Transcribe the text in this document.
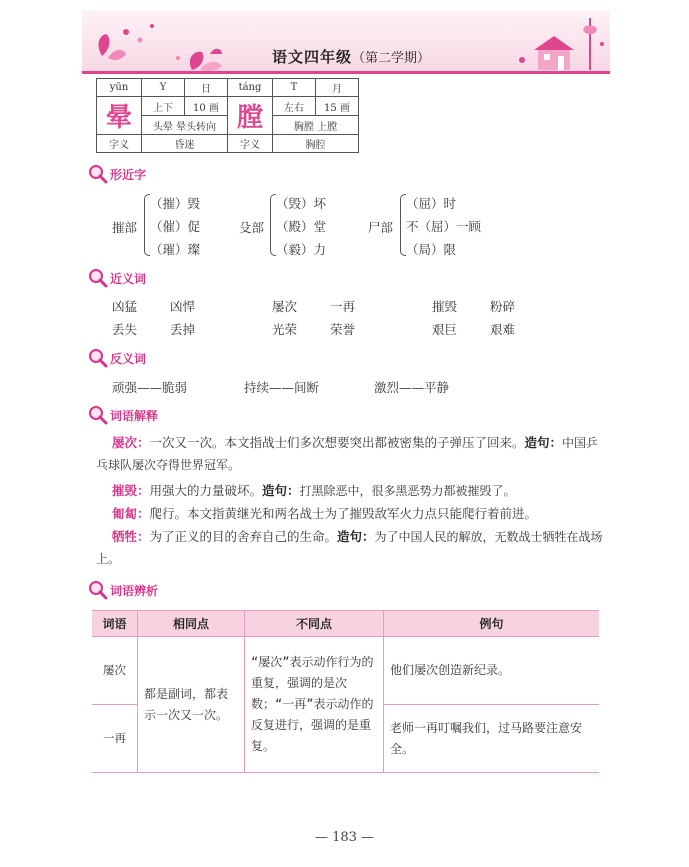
语文四年级（第二学期）
yūn	Y	日	táng	T	月
晕	上下	10 画	膛	左右	15 画
	头晕 晕头转向			胸膛 上膛	
字义	昏迷		字义	胸腔	
形近字
摧部
（摧）毁
（催）促
（璀）璨
殳部
（毁）坏
（殿）堂
（毅）力
尸部
（屈）时
不（屈）一顾
（局）限
近义词
凶猛	凶悍	屡次	一再	摧毁	粉碎
丢失	丢掉	光荣	荣誉	艰巨	艰难
反义词
顽强——脆弱	持续——间断	激烈——平静
词语解释
屡次：一次又一次。本文指战士们多次想要突出都被密集的子弹压了回来。造句：中国乒乓球队屡次夺得世界冠军。
摧毁：用强大的力量破坏。造句：打黑除恶中，很多黑恶势力都被摧毁了。
匍匐：爬行。本文指黄继光和两名战士为了摧毁敌军火力点只能爬行着前进。
牺牲：为了正义的目的舍弃自己的生命。造句：为了中国人民的解放，无数战士牺牲在战场上。
词语辨析
词语	相同点	不同点	例句
屡次	都是副词，都表示一次又一次。	“屡次”表示动作行为的重复，强调的是次数；“一再”表示动作的反复进行，强调的是重复。	他们屡次创造新纪录。
一再			老师一再叮嘱我们，过马路要注意安全。
— 183 —
